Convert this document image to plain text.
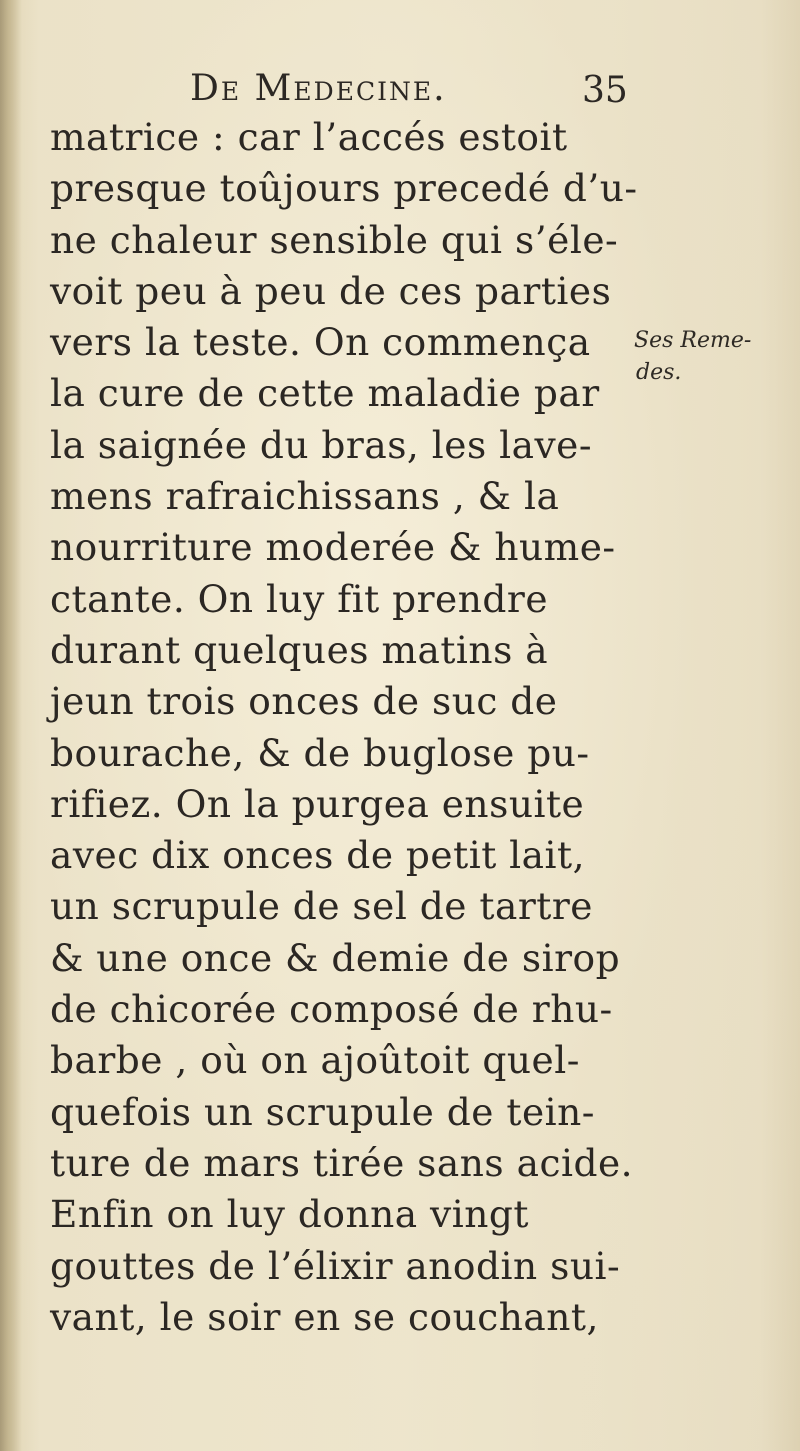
De Medecine.	35
matrice : car l’accés estoit
presque toûjours precedé d’u-
ne chaleur sensible qui s’éle-
voit peu à peu de ces parties
vers la teste. On commença
la cure de cette maladie par
la saignée du bras, les lave-
mens rafraichissans , & la
nourriture moderée & hume-
ctante. On luy fit prendre
durant quelques matins à
jeun trois onces de suc de
bourache, & de buglose pu-
rifiez. On la purgea ensuite
avec dix onces de petit lait,
un scrupule de sel de tartre
& une once & demie de sirop
de chicorée composé de rhu-
barbe , où on ajoûtoit quel-
quefois un scrupule de tein-
ture de mars tirée sans acide.
Enfin on luy donna vingt
gouttes de l’élixir anodin sui-
vant, le soir en se couchant,
Ses Reme-
des.
